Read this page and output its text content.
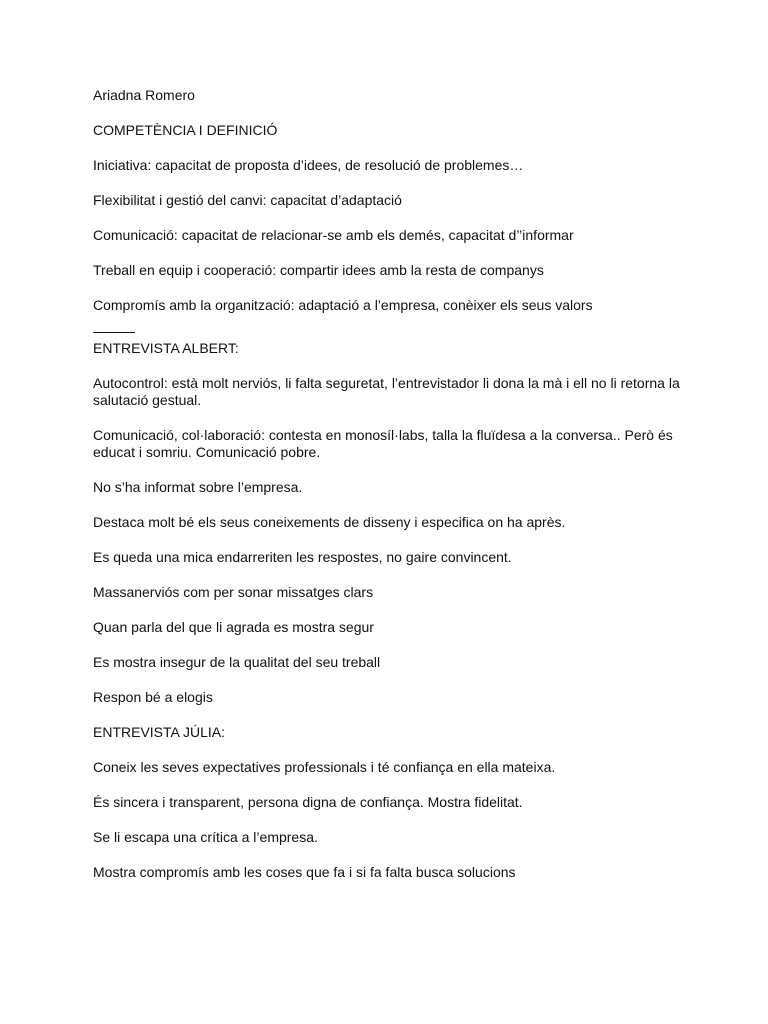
Ariadna Romero

COMPETÈNCIA I DEFINICIÓ

Iniciativa: capacitat de proposta d’idees, de resolució de problemes…

Flexibilitat i gestió del canvi: capacitat d’adaptació

Comunicació: capacitat de relacionar-se amb els demés, capacitat d’’informar

Treball en equip i cooperació: compartir idees amb la resta de companys

Compromís amb la organització: adaptació a l’empresa, conèixer els seus valors

ENTREVISTA ALBERT:

Autocontrol: està molt nerviós, li falta seguretat, l’entrevistador li dona la mà i ell no li retorna la salutació gestual.

Comunicació, col·laboració: contesta en monosíl·labs, talla la fluïdesa a la conversa.. Però és educat i somriu. Comunicació pobre.

No s’ha informat sobre l’empresa.

Destaca molt bé els seus coneixements de disseny i especifica on ha après.

Es queda una mica endarreriten les respostes, no gaire convincent.

Massanerviós com per sonar missatges clars

Quan parla del que li agrada es mostra segur

Es mostra insegur de la qualitat del seu treball

Respon bé a elogis

ENTREVISTA JÚLIA:

Coneix les seves expectatives professionals i té confiança en ella mateixa.

És sincera i transparent, persona digna de confiança. Mostra fidelitat.

Se li escapa una crítica a l’empresa.

Mostra compromís amb les coses que fa i si fa falta busca solucions
